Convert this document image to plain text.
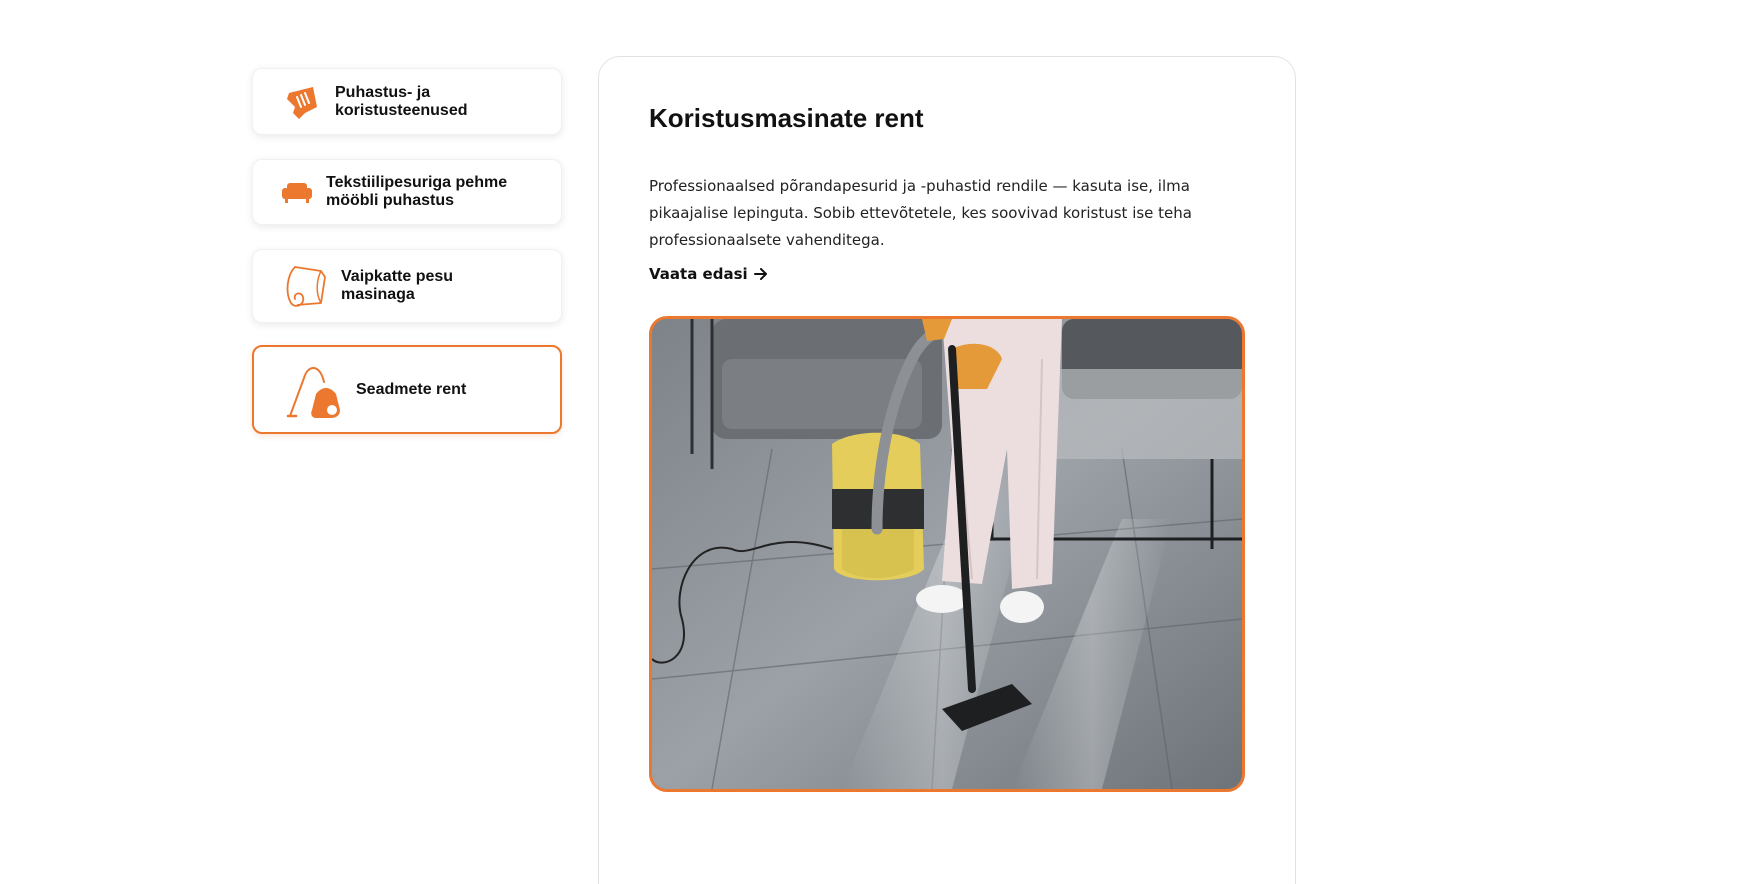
Puhastus- ja
koristusteenused
Tekstiilipesuriga pehme
mööbli puhastus
Vaipkatte pesu
masinaga
Seadmete rent
Koristusmasinate rent

Professionaalsed põrandapesurid ja -puhastid rendile — kasuta ise, ilma pikaajalise lepinguta. Sobib ettevõtetele, kes soovivad koristust ise teha professionaalsete vahenditega.

Vaata edasi
